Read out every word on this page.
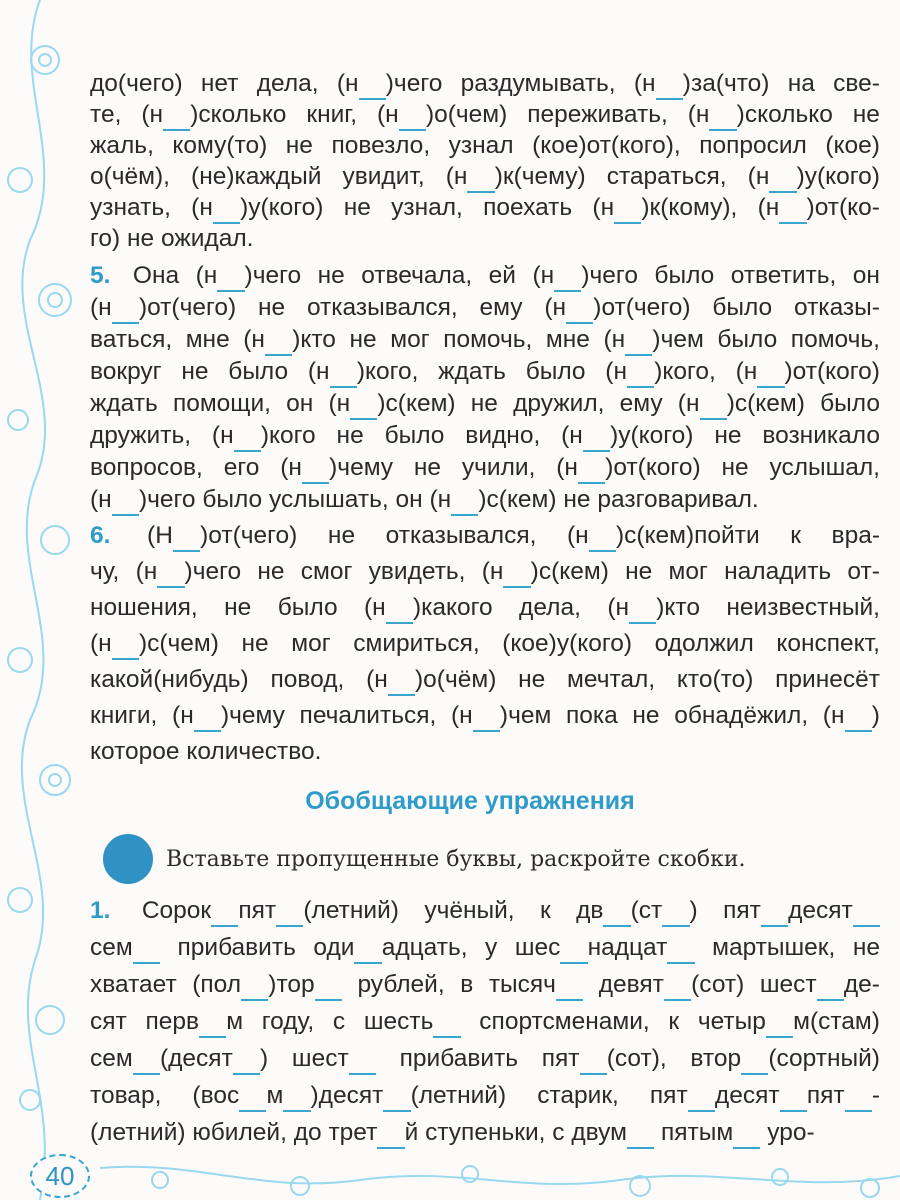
до(чего) нет дела, (н )чего раздумывать, (н )за(что) на све-
те, (н )сколько книг, (н )о(чем) переживать, (н )сколько не
жаль, кому(то) не повезло, узнал (кое)от(кого), попросил (кое)
о(чём), (не)каждый увидит, (н )к(чему) стараться, (н )у(кого)
узнать, (н )у(кого) не узнал, поехать (н )к(кому), (н )от(ко-
го) не ожидал.
5. Она (н )чего не отвечала, ей (н )чего было ответить, он
(н )от(чего) не отказывался, ему (н )от(чего) было отказы-
ваться, мне (н )кто не мог помочь, мне (н )чем было помочь,
вокруг не было (н )кого, ждать было (н )кого, (н )от(кого)
ждать помощи, он (н )с(кем) не дружил, ему (н )с(кем) было
дружить, (н )кого не было видно, (н )у(кого) не возникало
вопросов, его (н )чему не учили, (н )от(кого) не услышал,
(н )чего было услышать, он (н )с(кем) не разговаривал.
6. (Н )от(чего) не отказывался, (н )с(кем)пойти к вра-
чу, (н )чего не смог увидеть, (н )с(кем) не мог наладить от-
ношения, не было (н )какого дела, (н )кто неизвестный,
(н )с(чем) не мог смириться, (кое)у(кого) одолжил конспект,
какой(нибудь) повод, (н )о(чём) не мечтал, кто(то) принесёт
книги, (н )чему печалиться, (н )чем пока не обнадёжил, (н )
которое количество.
Обобщающие упражнения
Вставьте пропущенные буквы, раскройте скобки.
1. Сорок пят (летний) учёный, к дв (ст ) пят десят
сем	прибавить оди адцать, у шес надцат	мартышек, не
хватает (пол )тор	рублей, в тысяч	девят (сот) шест де-
сят перв м году, с шесть	спортсменами, к четыр м(стам)
сем (десят ) шест	прибавить пят (сот), втор (сортный)
товар, (вос м )десят (летний) старик, пят десят пят -
(летний) юбилей, до трет й ступеньки, с двум	пятым	уро-
40
